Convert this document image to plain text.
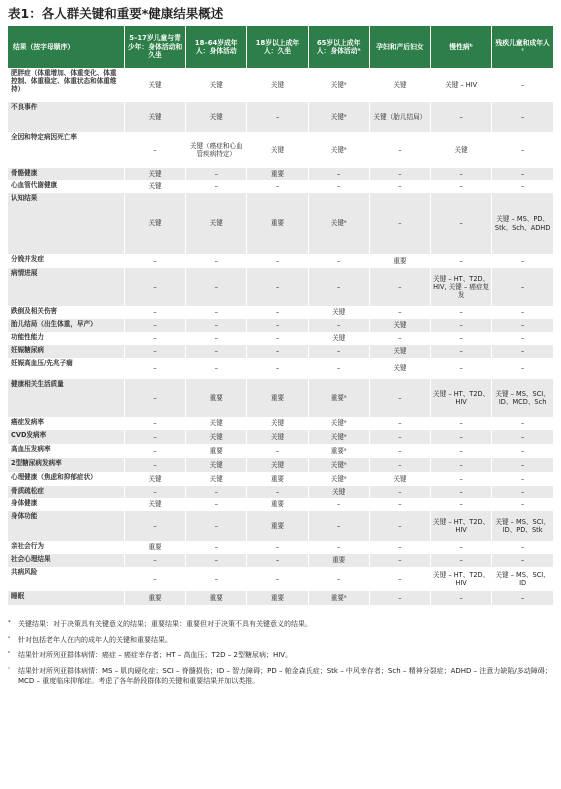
表1：各人群关键和重要*健康结果概述
结果（按字母顺序）	5–17岁儿童与青少年：身体活动和久坐	18–64岁成年人：身体活动	18岁以上成年人：久坐	65岁以上成年人：身体活动ᵃ	孕妇和产后妇女	慢性病ᵇ	残疾儿童和成年人ᶜ
肥胖症（体重增加、体重变化、体重控制、体重稳定、体重状态和体重维持）	关键	关键	关键	关键ᵃ	关键	关键 – HIV	–
不良事件	关键	关键	–	关键ᵃ	关键（胎儿结局）	–	–
全因和特定病因死亡率	–	关键（癌症和心血管疾病特定）	关键	关键ᵃ	–	关键	–
骨骼健康	关键	–	重要	–	–	–	–
心血管代谢健康	关键	–	–	–	–	–	–
认知结果	关键	关键	重要	关键ᵃ	–	–	关键 – MS、PD、Stk、Sch、ADHD
分娩并发症	–	–	–	–	重要	–	–
病情进展	–	–	–	–	–	关键 – HT、T2D、HIV, 关键 – 癌症复发	–
跌倒及相关伤害	–	–	–	关键	–	–	–
胎儿结局（出生体重，早产）	–	–	–	–	关键	–	–
功能性能力	–	–	–	关键	–	–	–
妊娠糖尿病	–	–	–	–	关键	–	–
妊娠高血压/先兆子痫	–	–	–	–	关键	–	–
健康相关生活质量	–	重要	重要	重要ᵃ	–	关键 – HT、T2D、HIV	关键 – MS、SCI、ID、MCD、Sch
癌症发病率	–	关键	关键	关键ᵃ	–	–	–
CVD发病率	–	关键	关键	关键ᵃ	–	–	–
高血压发病率	–	重要	–	重要ᵃ	–	–	–
2型糖尿病发病率	–	关键	关键	关键ᵃ	–	–	–
心理健康（焦虑和抑郁症状）	关键	关键	重要	关键ᵃ	关键	–	–
骨质疏松症	–	–	–	关键	–	–	–
身体健康	关键	–	重要	–	–	–	–
身体功能	–	–	重要	–	–	关键 – HT、T2D、HIV	关键 – MS、SCI、ID、PD、Stk
亲社会行为	重要	–	–	–	–	–	–
社会心理结果	–	–	–	重要	–	–	–
共病风险	–	–	–	–	–	关键 – HT、T2D、HIV	关键 – MS、SCI、ID
睡眠	重要	重要	重要	重要ᵃ	–	–	–
*	关键结果：对于决策具有关键意义的结果；重要结果：重要但对于决策不具有关键意义的结果。
ᵃ	针对包括老年人在内的成年人的关键和重要结果。
ᵇ	结果针对所列亚群体病情：癌症 – 癌症幸存者；HT – 高血压；T2D – 2型糖尿病；HIV。
ᶜ	结果针对所列亚群体病情：MS – 肌肉硬化症；SCI – 脊髓损伤；ID – 智力障碍；PD – 帕金森氏症；Stk – 中风幸存者；Sch – 精神分裂症；ADHD – 注意力缺陷/多动障碍；MCD – 重度临床抑郁症。考虑了各年龄段群体的关键和重要结果并加以类推。
